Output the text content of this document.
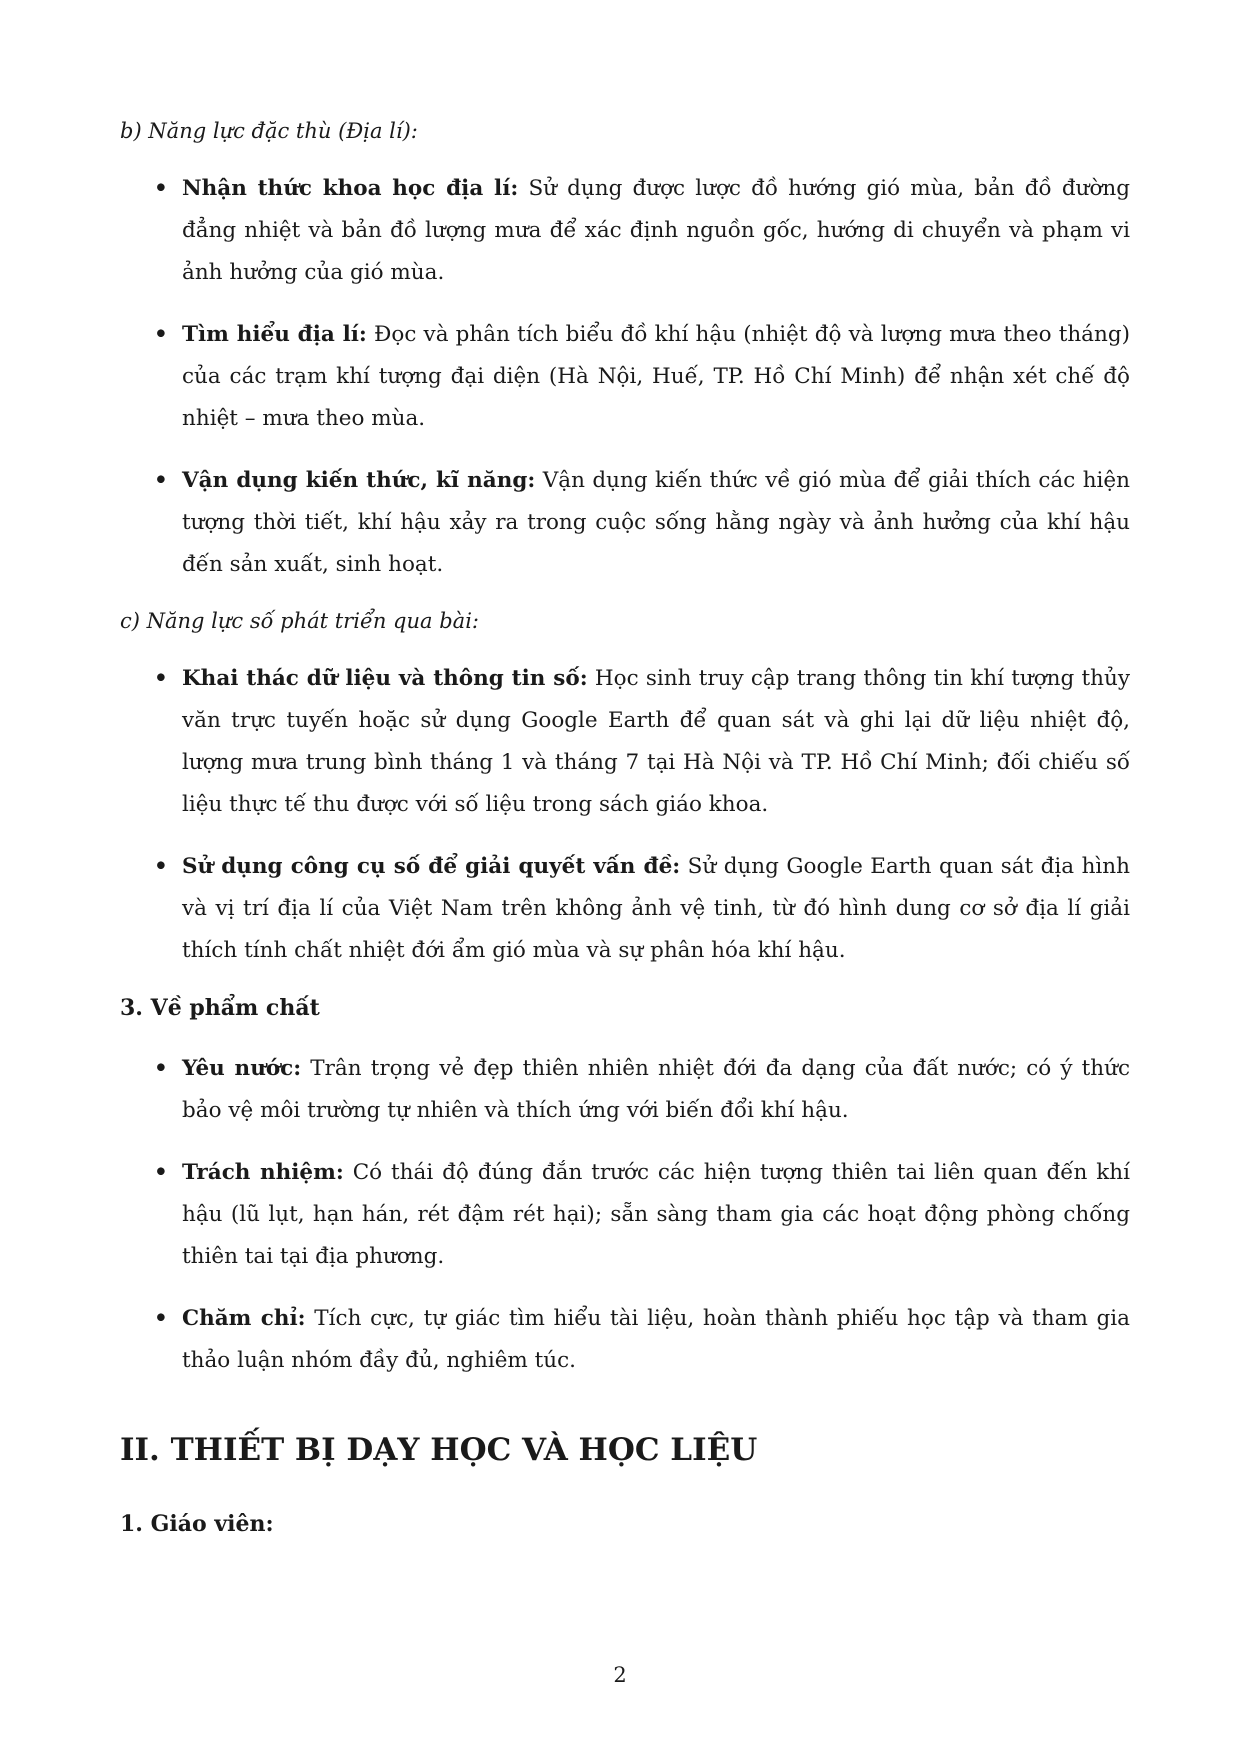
b) Năng lực đặc thù (Địa lí):

• Nhận thức khoa học địa lí: Sử dụng được lược đồ hướng gió mùa, bản đồ đường đẳng nhiệt và bản đồ lượng mưa để xác định nguồn gốc, hướng di chuyển và phạm vi ảnh hưởng của gió mùa.
• Tìm hiểu địa lí: Đọc và phân tích biểu đồ khí hậu (nhiệt độ và lượng mưa theo tháng) của các trạm khí tượng đại diện (Hà Nội, Huế, TP. Hồ Chí Minh) để nhận xét chế độ nhiệt – mưa theo mùa.
• Vận dụng kiến thức, kĩ năng: Vận dụng kiến thức về gió mùa để giải thích các hiện tượng thời tiết, khí hậu xảy ra trong cuộc sống hằng ngày và ảnh hưởng của khí hậu đến sản xuất, sinh hoạt.

c) Năng lực số phát triển qua bài:

• Khai thác dữ liệu và thông tin số: Học sinh truy cập trang thông tin khí tượng thủy văn trực tuyến hoặc sử dụng Google Earth để quan sát và ghi lại dữ liệu nhiệt độ, lượng mưa trung bình tháng 1 và tháng 7 tại Hà Nội và TP. Hồ Chí Minh; đối chiếu số liệu thực tế thu được với số liệu trong sách giáo khoa.
• Sử dụng công cụ số để giải quyết vấn đề: Sử dụng Google Earth quan sát địa hình và vị trí địa lí của Việt Nam trên không ảnh vệ tinh, từ đó hình dung cơ sở địa lí giải thích tính chất nhiệt đới ẩm gió mùa và sự phân hóa khí hậu.

3. Về phẩm chất

• Yêu nước: Trân trọng vẻ đẹp thiên nhiên nhiệt đới đa dạng của đất nước; có ý thức bảo vệ môi trường tự nhiên và thích ứng với biến đổi khí hậu.
• Trách nhiệm: Có thái độ đúng đắn trước các hiện tượng thiên tai liên quan đến khí hậu (lũ lụt, hạn hán, rét đậm rét hại); sẵn sàng tham gia các hoạt động phòng chống thiên tai tại địa phương.
• Chăm chỉ: Tích cực, tự giác tìm hiểu tài liệu, hoàn thành phiếu học tập và tham gia thảo luận nhóm đầy đủ, nghiêm túc.
II. THIẾT BỊ DẠY HỌC VÀ HỌC LIỆU

1. Giáo viên:

2
